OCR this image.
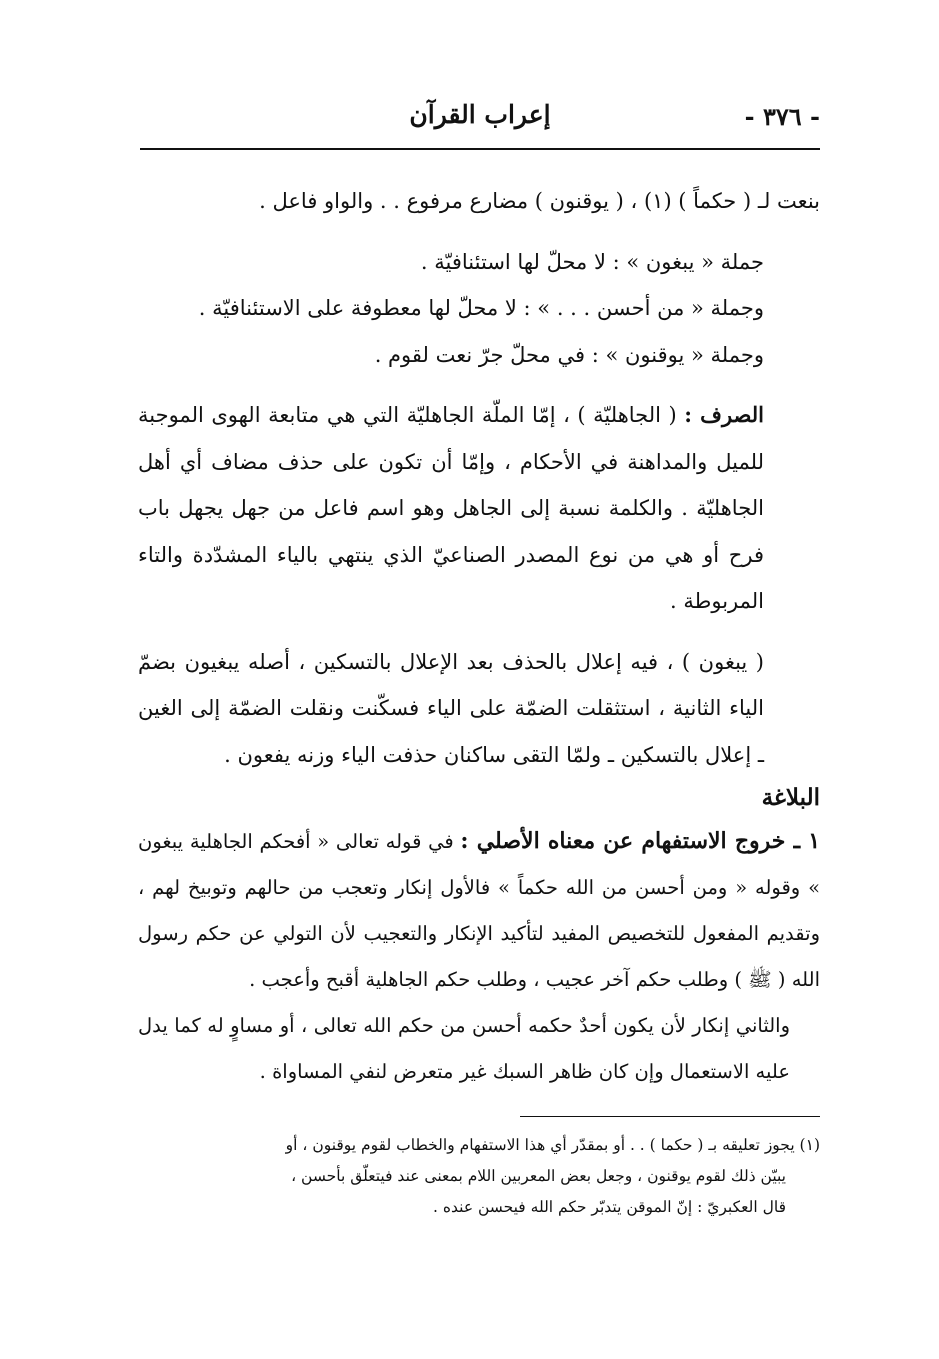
- ٣٧٦ -
إعراب القرآن

بنعت لـ ( حكماً ) (١) ، ( يوقنون ) مضارع مرفوع . . والواو فاعل .

جملة « يبغون » : لا محلّ لها استئنافيّة .

وجملة « من أحسن . . . » : لا محلّ لها معطوفة على الاستئنافيّة .

وجملة « يوقنون » : في محلّ جرّ نعت لقوم .

الصرف : ( الجاهليّة ) ، إمّا الملّة الجاهليّة التي هي متابعة الهوى الموجبة للميل والمداهنة في الأحكام ، وإمّا أن تكون على حذف مضاف أي أهل الجاهليّة . والكلمة نسبة إلى الجاهل وهو اسم فاعل من جهل يجهل باب فرح أو هي من نوع المصدر الصناعيّ الذي ينتهي بالياء المشدّدة والتاء المربوطة .

( يبغون ) ، فيه إعلال بالحذف بعد الإعلال بالتسكين ، أصله يبغيون بضمّ الياء الثانية ، استثقلت الضمّة على الياء فسكّنت ونقلت الضمّة إلى الغين ـ إعلال بالتسكين ـ ولمّا التقى ساكنان حذفت الياء وزنه يفعون .

البلاغة

١ ـ خروج الاستفهام عن معناه الأصلي : في قوله تعالى « أفحكم الجاهلية يبغون » وقوله « ومن أحسن من الله حكماً » فالأول إنكار وتعجب من حالهم وتوبيخ لهم ، وتقديم المفعول للتخصيص المفيد لتأكيد الإنكار والتعجيب لأن التولي عن حكم رسول الله ( ﷺ ) وطلب حكم آخر عجيب ، وطلب حكم الجاهلية أقبح وأعجب .

والثاني إنكار لأن يكون أحدٌ حكمه أحسن من حكم الله تعالى ، أو مساوٍ له كما يدل عليه الاستعمال وإن كان ظاهر السبك غير متعرض لنفي المساواة .

(١) يجوز تعليقه بـ ( حكما ) . . أو بمقدّر أي هذا الاستفهام والخطاب لقوم يوقنون ، أو

يبيّن ذلك لقوم يوقنون ، وجعل بعض المعربين اللام بمعنى عند فيتعلّق بأحسن ،

قال العكبريّ : إنّ الموقن يتدبّر حكم الله فيحسن عنده .
